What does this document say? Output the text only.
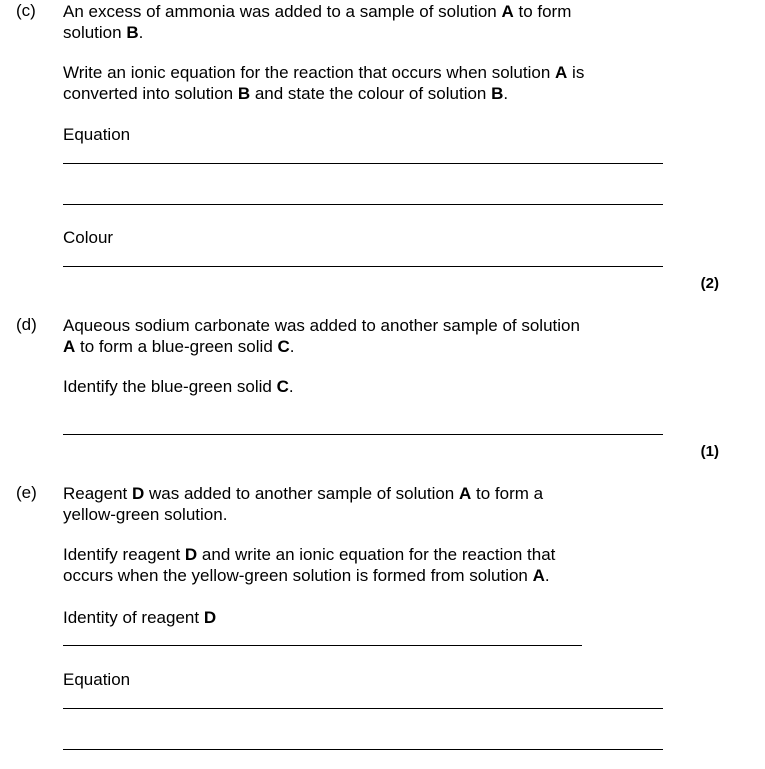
(c) An excess of ammonia was added to a sample of solution A to form
solution B.
Write an ionic equation for the reaction that occurs when solution A is
converted into solution B and state the colour of solution B.
Equation
Colour
(2)
(d) Aqueous sodium carbonate was added to another sample of solution
A to form a blue-green solid C.
Identify the blue-green solid C.
(1)
(e) Reagent D was added to another sample of solution A to form a
yellow-green solution.
Identify reagent D and write an ionic equation for the reaction that
occurs when the yellow-green solution is formed from solution A.
Identity of reagent D
Equation
